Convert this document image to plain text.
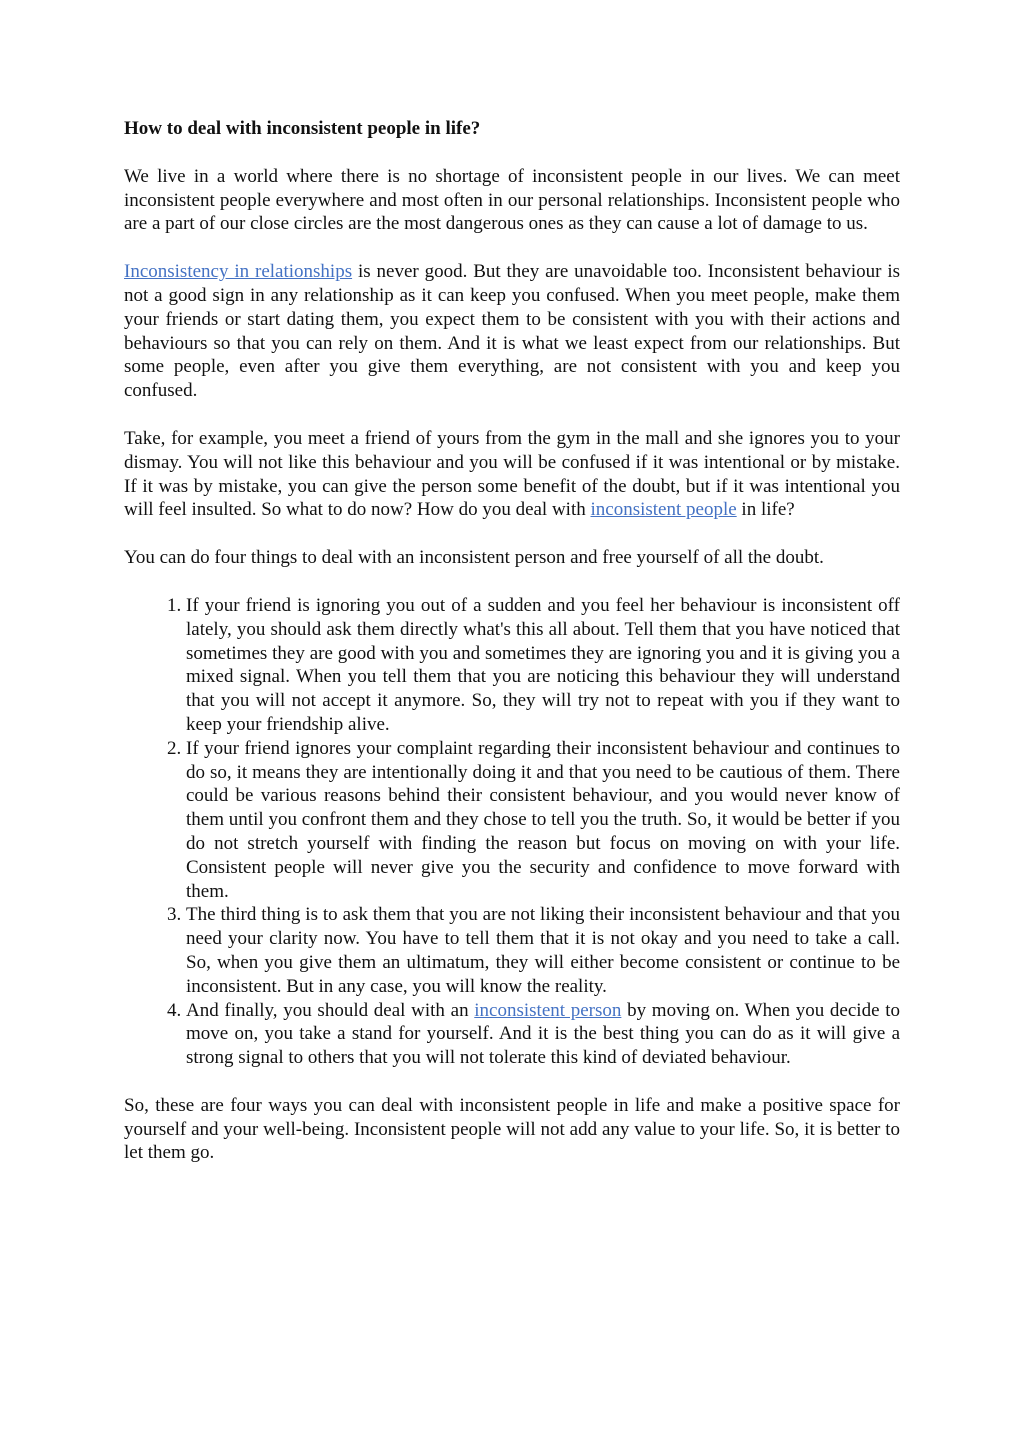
How to deal with inconsistent people in life?

We live in a world where there is no shortage of inconsistent people in our lives. We can meet inconsistent people everywhere and most often in our personal relationships. Inconsistent people who are a part of our close circles are the most dangerous ones as they can cause a lot of damage to us.

Inconsistency in relationships is never good. But they are unavoidable too. Inconsistent behaviour is not a good sign in any relationship as it can keep you confused. When you meet people, make them your friends or start dating them, you expect them to be consistent with you with their actions and behaviours so that you can rely on them. And it is what we least expect from our relationships. But some people, even after you give them everything, are not consistent with you and keep you confused.

Take, for example, you meet a friend of yours from the gym in the mall and she ignores you to your dismay. You will not like this behaviour and you will be confused if it was intentional or by mistake. If it was by mistake, you can give the person some benefit of the doubt, but if it was intentional you will feel insulted. So what to do now? How do you deal with inconsistent people in life?

You can do four things to deal with an inconsistent person and free yourself of all the doubt.

1. If your friend is ignoring you out of a sudden and you feel her behaviour is inconsistent off lately, you should ask them directly what's this all about. Tell them that you have noticed that sometimes they are good with you and sometimes they are ignoring you and it is giving you a mixed signal. When you tell them that you are noticing this behaviour they will understand that you will not accept it anymore. So, they will try not to repeat with you if they want to keep your friendship alive.
2. If your friend ignores your complaint regarding their inconsistent behaviour and continues to do so, it means they are intentionally doing it and that you need to be cautious of them. There could be various reasons behind their consistent behaviour, and you would never know of them until you confront them and they chose to tell you the truth. So, it would be better if you do not stretch yourself with finding the reason but focus on moving on with your life. Consistent people will never give you the security and confidence to move forward with them.
3. The third thing is to ask them that you are not liking their inconsistent behaviour and that you need your clarity now. You have to tell them that it is not okay and you need to take a call. So, when you give them an ultimatum, they will either become consistent or continue to be inconsistent. But in any case, you will know the reality.
4. And finally, you should deal with an inconsistent person by moving on. When you decide to move on, you take a stand for yourself. And it is the best thing you can do as it will give a strong signal to others that you will not tolerate this kind of deviated behaviour.

So, these are four ways you can deal with inconsistent people in life and make a positive space for yourself and your well-being. Inconsistent people will not add any value to your life. So, it is better to let them go.
